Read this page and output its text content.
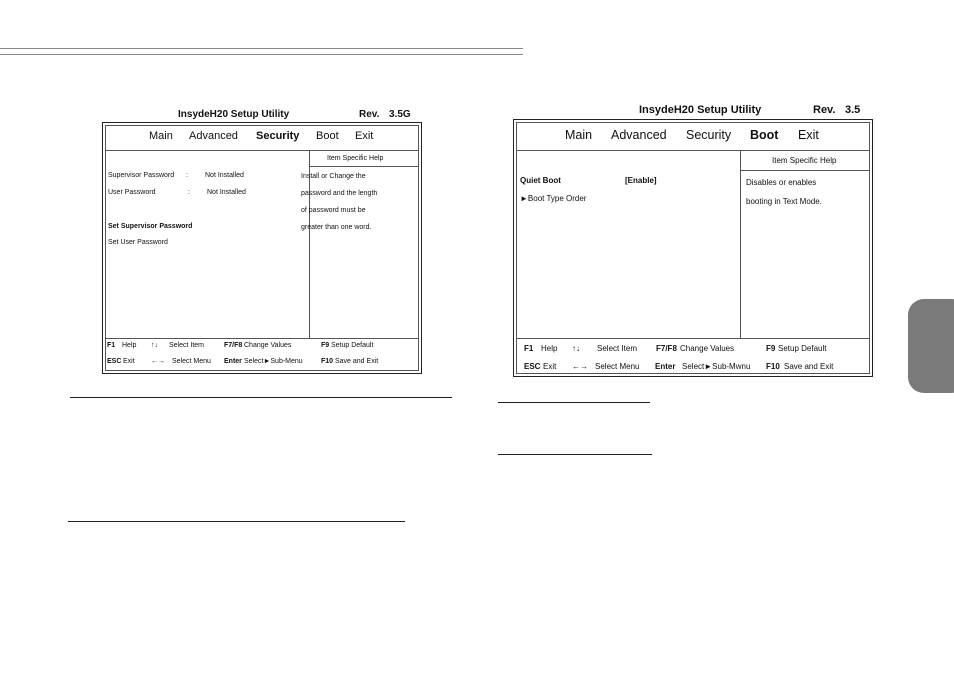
InsydeH20 Setup Utility	Rev. 3.5G
Main Advanced Security Boot Exit
Item Specific Help
Supervisor Password : Not Installed
User Password	: Not Installed
Set Supervisor Password
Set User Password
Install or Change the
password and the length
of password must be
greater than one word.
F1 Help ↑↓ Select Item	F7/F8 Change Values	F9 Setup Default
ESC Exit ←→ Select Menu Enter Select►Sub-Menu	F10 Save and Exit
InsydeH20 Setup Utility	Rev. 3.5
Main Advanced Security Boot Exit
Item Specific Help
Quiet Boot	[Enable]
►Boot Type Order
Disables or enables
booting in Text Mode.
F1 Help ↑↓ Select Item F7/F8 Change Values	F9 Setup Default
ESC Exit ←→ Select Menu Enter Select►Sub-Mwnu F10 Save and Exit
